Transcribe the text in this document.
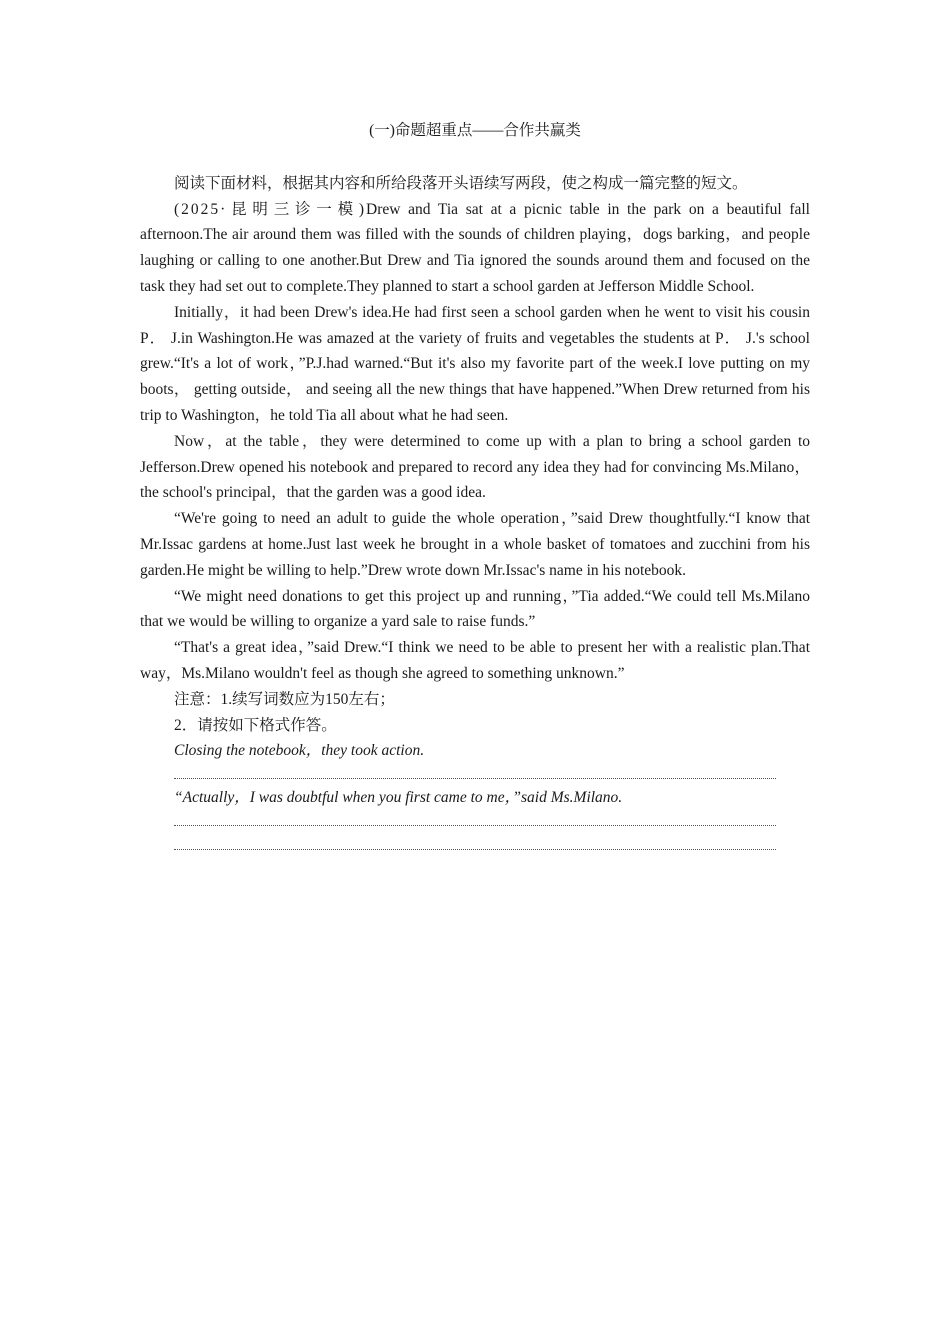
(一)命题超重点——合作共赢类

阅读下面材料，根据其内容和所给段落开头语续写两段，使之构成一篇完整的短文。

(2025·昆明三诊一模)Drew and Tia sat at a picnic table in the park on a beautiful fall afternoon.The air around them was filled with the sounds of children playing，dogs barking，and people laughing or calling to one another.But Drew and Tia ignored the sounds around them and focused on the task they had set out to complete.They planned to start a school garden at Jefferson Middle School.

Initially，it had been Drew's idea.He had first seen a school garden when he went to visit his cousin P． J.in Washington.He was amazed at the variety of fruits and vegetables the students at P． J.'s school grew.“It's a lot of work，”P.J.had warned.“But it's also my favorite part of the week.I love putting on my boots， getting outside， and seeing all the new things that have happened.”When Drew returned from his trip to Washington，he told Tia all about what he had seen.

Now，at the table，they were determined to come up with a plan to bring a school garden to Jefferson.Drew opened his notebook and prepared to record any idea they had for convincing Ms.Milano，the school's principal，that the garden was a good idea.

“We're going to need an adult to guide the whole operation，”said Drew thoughtfully.“I know that Mr.Issac gardens at home.Just last week he brought in a whole basket of tomatoes and zucchini from his garden.He might be willing to help.”Drew wrote down Mr.Issac's name in his notebook.

“We might need donations to get this project up and running，”Tia added.“We could tell Ms.Milano that we would be willing to organize a yard sale to raise funds.”

“That's a great idea，”said Drew.“I think we need to be able to present her with a realistic plan.That way，Ms.Milano wouldn't feel as though she agreed to something unknown.”

注意：1.续写词数应为150左右；

2．请按如下格式作答。

Closing the notebook，they took action.

“Actually，I was doubtful when you first came to me，”said Ms.Milano.
